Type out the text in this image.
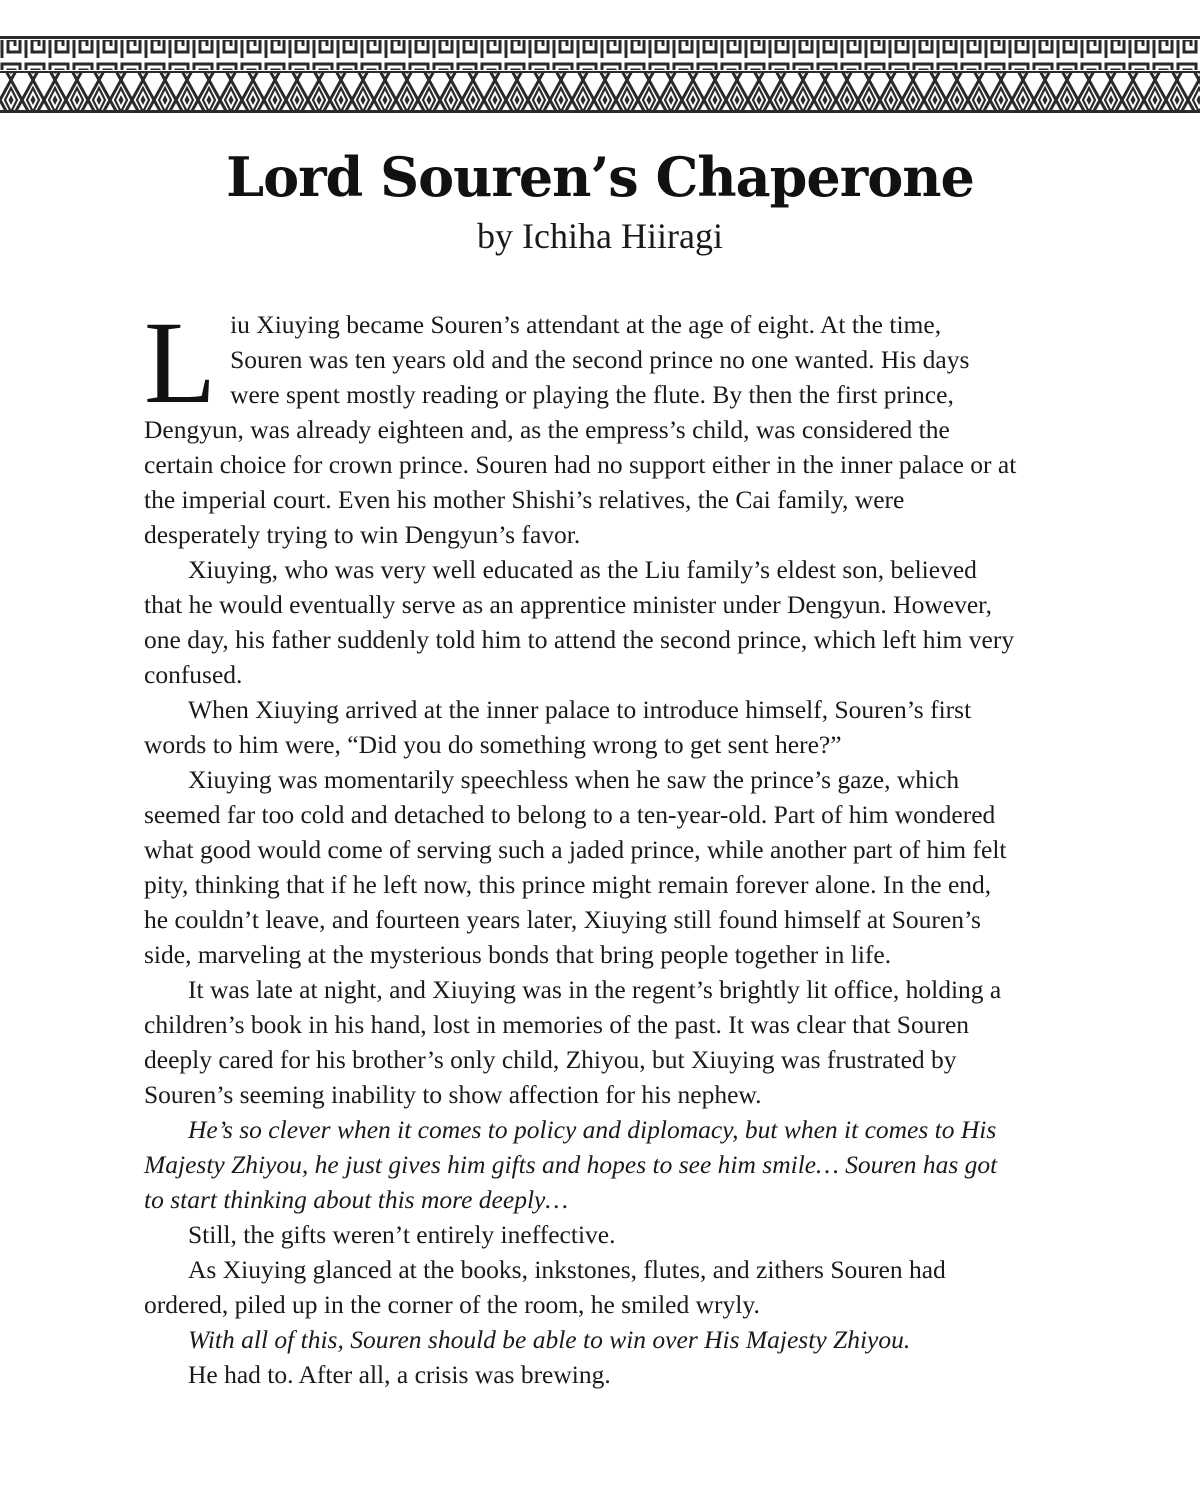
Lord Souren’s Chaperone
by Ichiha Hiiragi

Liu Xiuying became Souren’s attendant at the age of eight. At the time, Souren was ten years old and the second prince no one wanted. His days were spent mostly reading or playing the flute. By then the first prince, Dengyun, was already eighteen and, as the empress’s child, was considered the certain choice for crown prince. Souren had no support either in the inner palace or at the imperial court. Even his mother Shishi’s relatives, the Cai family, were desperately trying to win Dengyun’s favor.

Xiuying, who was very well educated as the Liu family’s eldest son, believed that he would eventually serve as an apprentice minister under Dengyun. However, one day, his father suddenly told him to attend the second prince, which left him very confused.

When Xiuying arrived at the inner palace to introduce himself, Souren’s first words to him were, “Did you do something wrong to get sent here?”

Xiuying was momentarily speechless when he saw the prince’s gaze, which seemed far too cold and detached to belong to a ten-year-old. Part of him wondered what good would come of serving such a jaded prince, while another part of him felt pity, thinking that if he left now, this prince might remain forever alone. In the end, he couldn’t leave, and fourteen years later, Xiuying still found himself at Souren’s side, marveling at the mysterious bonds that bring people together in life.

It was late at night, and Xiuying was in the regent’s brightly lit office, holding a children’s book in his hand, lost in memories of the past. It was clear that Souren deeply cared for his brother’s only child, Zhiyou, but Xiuying was frustrated by Souren’s seeming inability to show affection for his nephew.

He’s so clever when it comes to policy and diplomacy, but when it comes to His Majesty Zhiyou, he just gives him gifts and hopes to see him smile… Souren has got to start thinking about this more deeply…

Still, the gifts weren’t entirely ineffective.

As Xiuying glanced at the books, inkstones, flutes, and zithers Souren had ordered, piled up in the corner of the room, he smiled wryly.

With all of this, Souren should be able to win over His Majesty Zhiyou.

He had to. After all, a crisis was brewing.
